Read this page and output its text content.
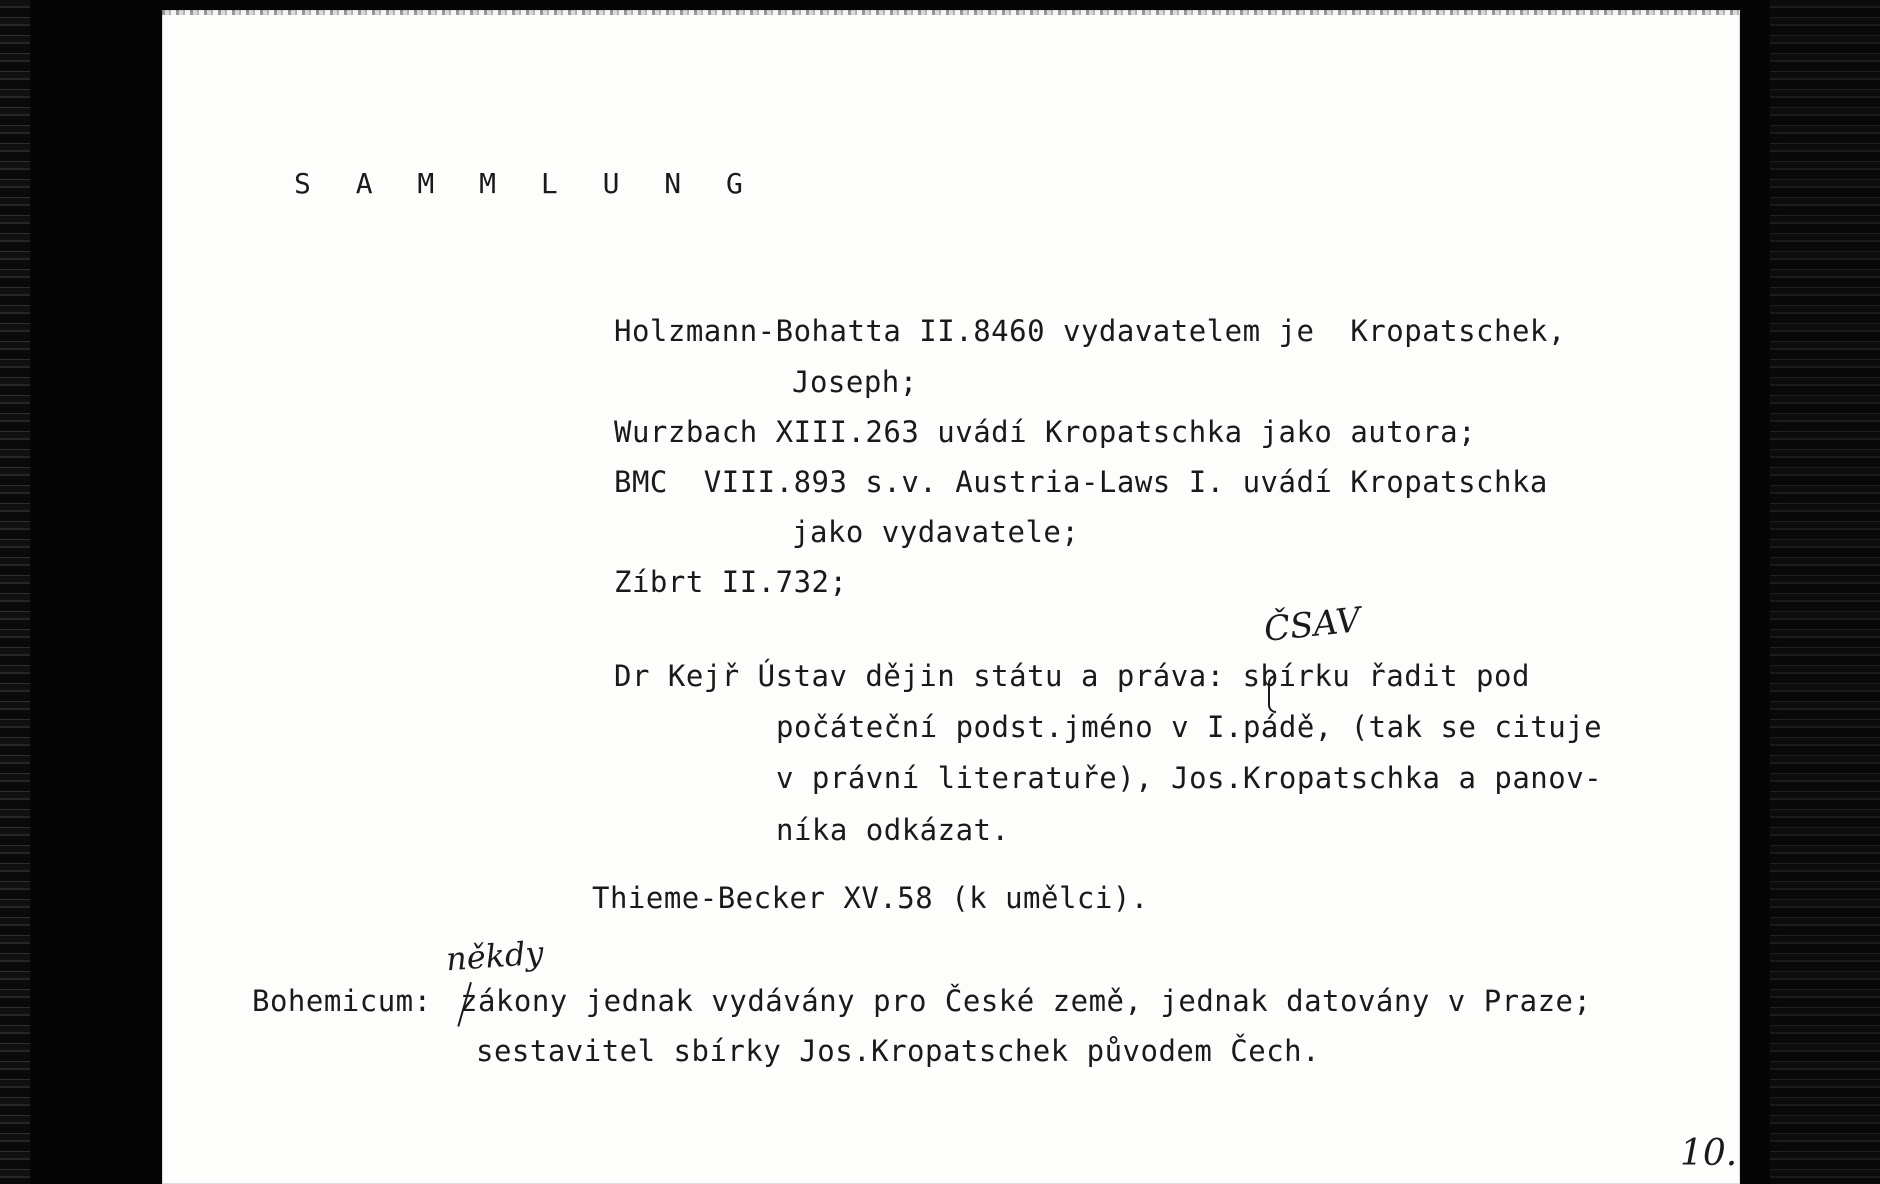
S A M M L U N G
Holzmann-Bohatta II.8460 vydavatelem je  Kropatschek,
Joseph;
Wurzbach XIII.263 uvádí Kropatschka jako autora;
BMC  VIII.893 s.v. Austria-Laws I. uvádí Kropatschka
jako vydavatele;
Zíbrt II.732;
ČSAV
Dr Kejř Ústav dějin státu a práva: sbírku řadit pod
počáteční podst.jméno v I.pádě, (tak se cituje
v právní literatuře), Jos.Kropatschka a panov-
níka odkázat.
Thieme-Becker XV.58 (k umělci).
někdy
Bohemicum: zákony jednak vydávány pro České země, jednak datovány v Praze;
sestavitel sbírky Jos.Kropatschek původem Čech.
10.
